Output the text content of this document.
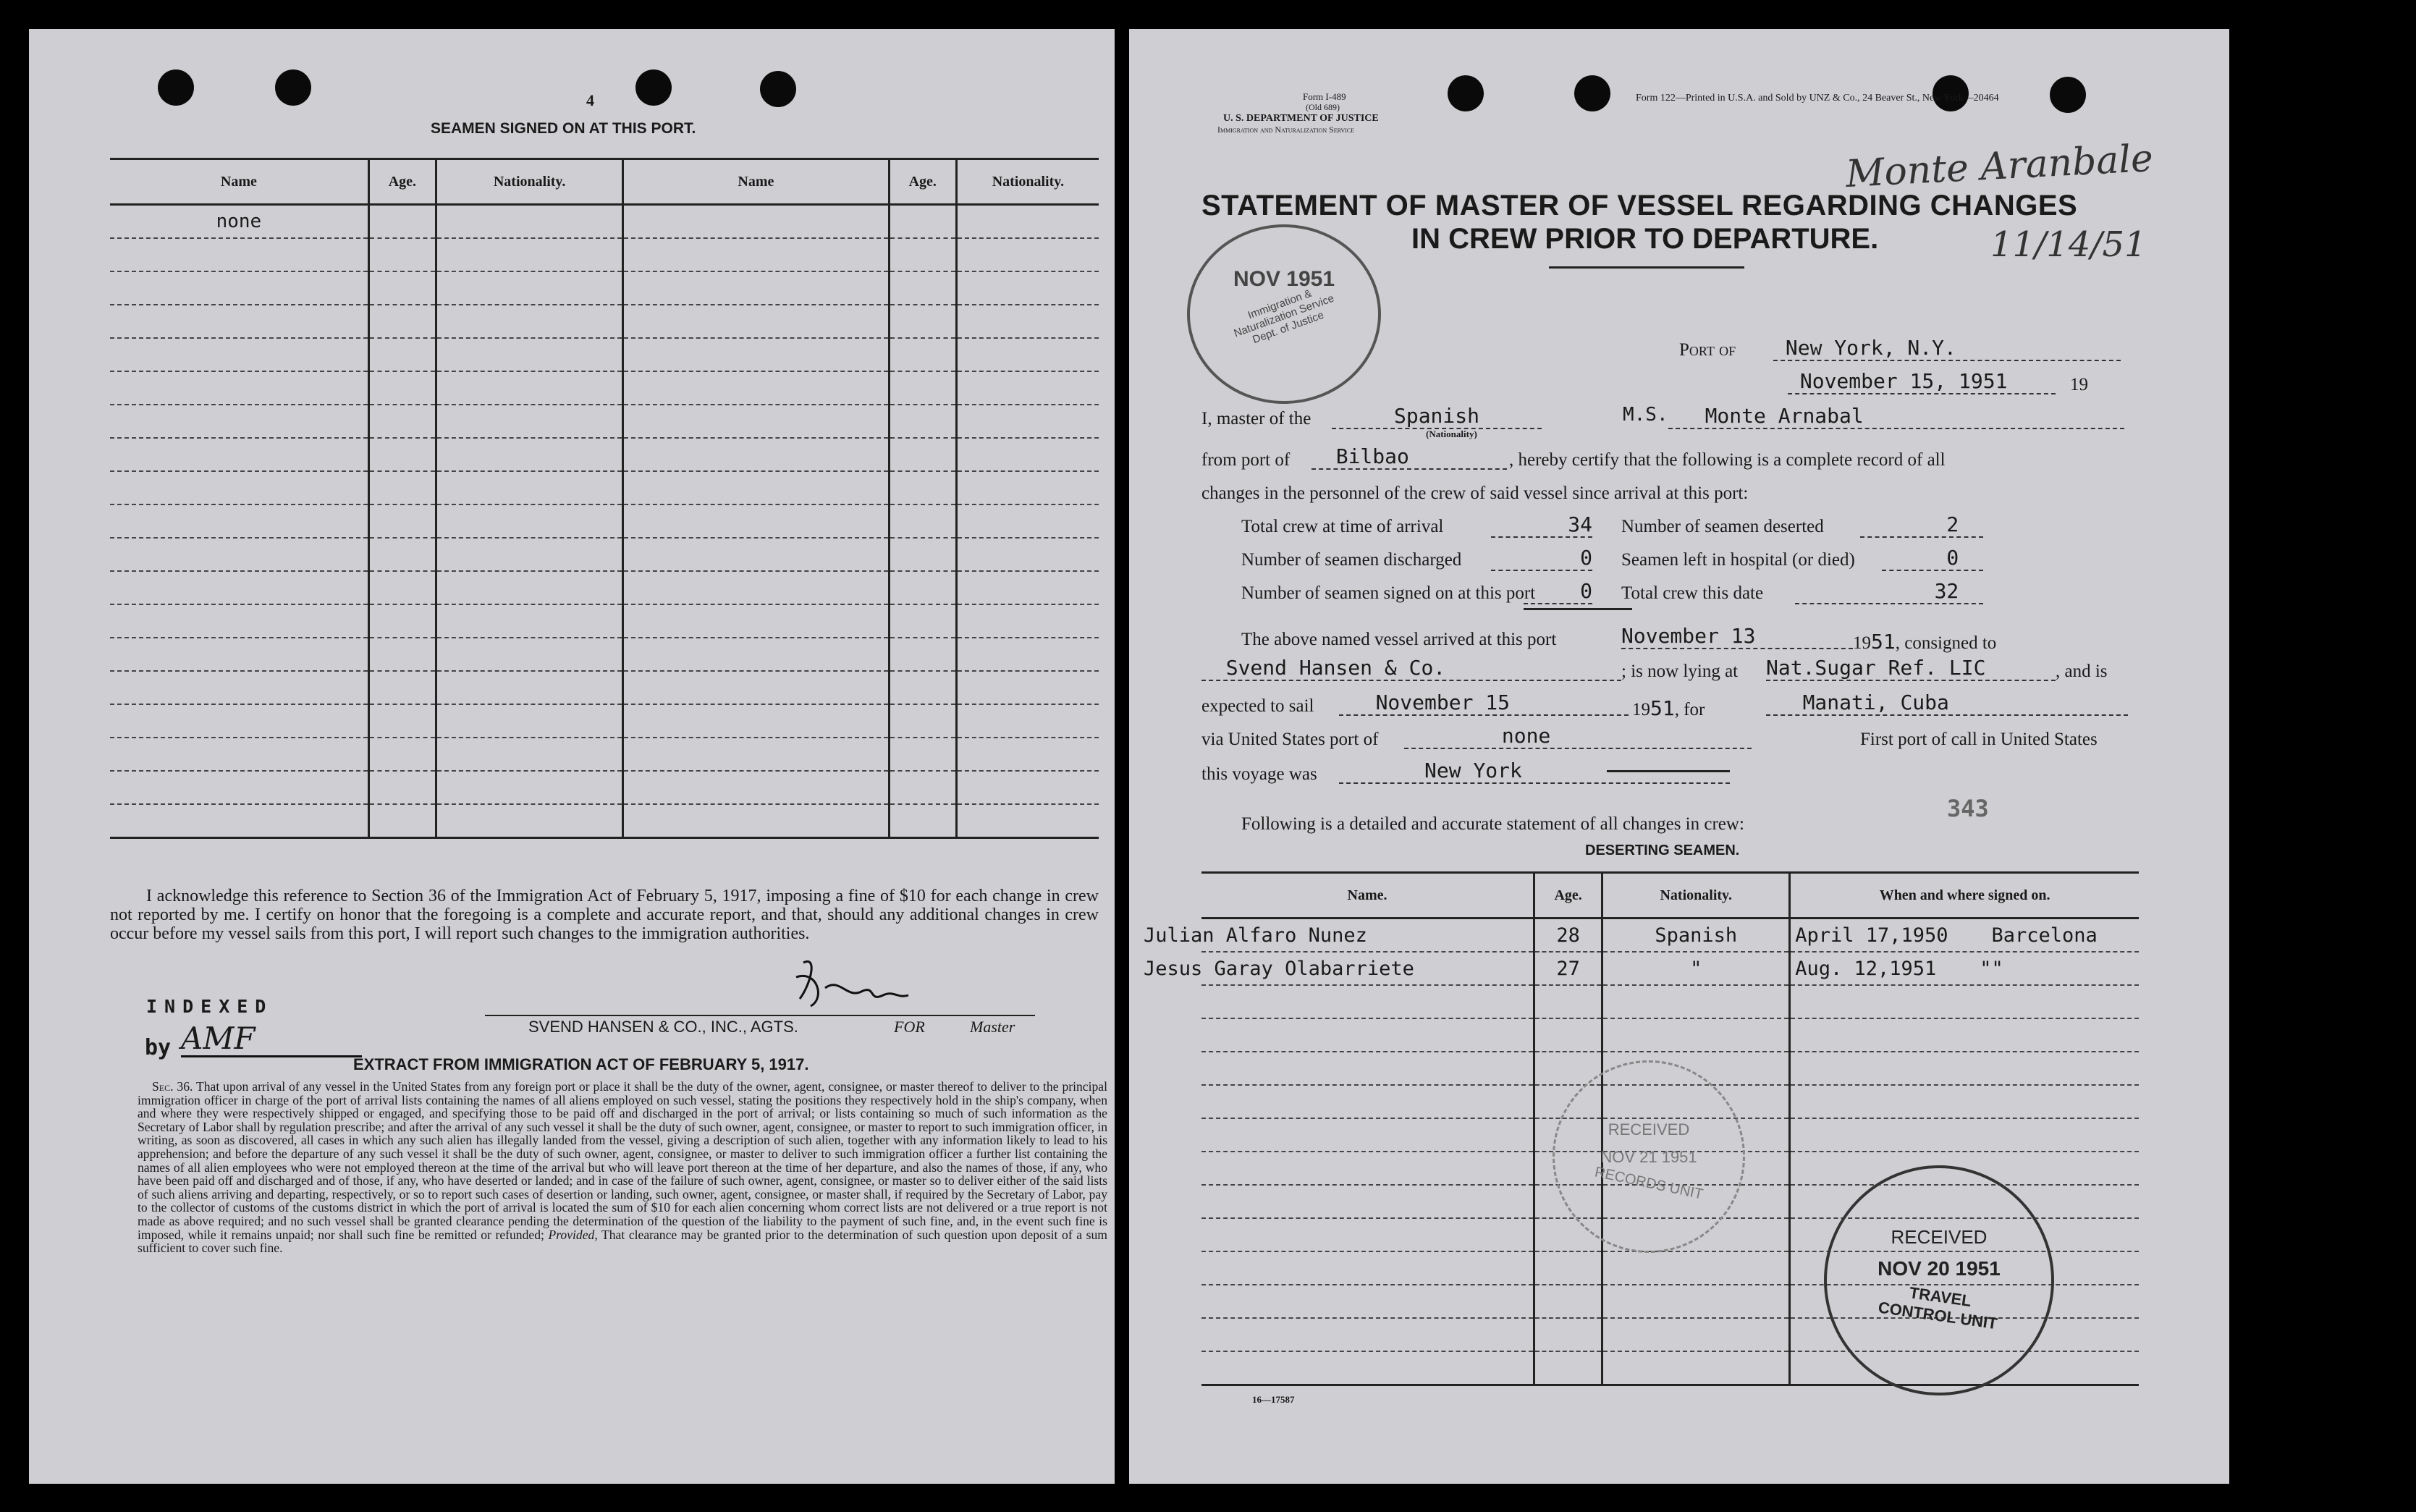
4
SEAMEN SIGNED ON AT THIS PORT.
Name	Age.	Nationality.	Name	Age.	Nationality.
none					

I acknowledge this reference to Section 36 of the Immigration Act of February 5, 1917, imposing a fine of $10 for each change in crew not reported by me. I certify on honor that the foregoing is a complete and accurate report, and that, should any additional changes in crew occur before my vessel sails from this port, I will report such changes to the immigration authorities.
INDEXED
SVEND HANSEN & CO., INC., AGTS.	FOR	Master
by AMF
EXTRACT FROM IMMIGRATION ACT OF FEBRUARY 5, 1917.
Sec. 36. That upon arrival of any vessel in the United States from any foreign port or place it shall be the duty of the owner, agent, consignee, or master thereof to deliver to the principal immigration officer in charge of the port of arrival lists containing the names of all aliens employed on such vessel, stating the positions they respectively hold in the ship's company, when and where they were respectively shipped or engaged, and specifying those to be paid off and discharged in the port of arrival; or lists containing so much of such information as the Secretary of Labor shall by regulation prescribe; and after the arrival of any such vessel it shall be the duty of such owner, agent, consignee, or master to report to such immigration officer, in writing, as soon as discovered, all cases in which any such alien has illegally landed from the vessel, giving a description of such alien, together with any information likely to lead to his apprehension; and before the departure of any such vessel it shall be the duty of such owner, agent, consignee, or master to deliver to such immigration officer a further list containing the names of all alien employees who were not employed thereon at the time of the arrival but who will leave port thereon at the time of her departure, and also the names of those, if any, who have been paid off and discharged and of those, if any, who have deserted or landed; and in case of the failure of such owner, agent, consignee, or master so to deliver either of the said lists of such aliens arriving and departing, respectively, or so to report such cases of desertion or landing, such owner, agent, consignee, or master shall, if required by the Secretary of Labor, pay to the collector of customs of the customs district in which the port of arrival is located the sum of $10 for each alien concerning whom correct lists are not delivered or a true report is not made as above required; and no such vessel shall be granted clearance pending the determination of the question of the liability to the payment of such fine, and, in the event such fine is imposed, while it remains unpaid; nor shall such fine be remitted or refunded; Provided, That clearance may be granted prior to the determination of such question upon deposit of a sum sufficient to cover such fine.
Form I-489
(Old 689)
U. S. DEPARTMENT OF JUSTICE
Immigration and Naturalization Service
Form 122—Printed in U.S.A. and Sold by UNZ & Co., 24 Beaver St., New York—20464
Monte Aranbale
11/14/51
STATEMENT OF MASTER OF VESSEL REGARDING CHANGES
IN CREW PRIOR TO DEPARTURE.
NOV 1951
Immigration & Naturalization Service Dept. of Justice
Port of	New York, N.Y.
November 15, 1951	19
I, master of the	Spanish
(Nationality)
M.S.	Monte Arnabal
from port of	Bilbao	, hereby certify that the following is a complete record of all
changes in the personnel of the crew of said vessel since arrival at this port:
Total crew at time of arrival	34 Number of seamen deserted	2
Number of seamen discharged	0 Seamen left in hospital (or died)	0
Number of seamen signed on at this port	0 Total crew this date	32
The above named vessel arrived at this port	November 13	1951, consigned to
Svend Hansen & Co.	; is now lying at Nat.Sugar Ref. LIC	, and is
expected to sail	November 15	1951, for	Manati, Cuba
via United States port of	none	First port of call in United States
this voyage was	New York
343
Following is a detailed and accurate statement of all changes in crew:
DESERTING SEAMEN.
Name.	Age.	Nationality.	When and where signed on.
Julian Alfaro Nunez	28	Spanish	April 17,1950 Barcelona
Jesus Garay Olabarriete	27	"	Aug. 12,1951 ""

16—17587
RECEIVED
NOV 21 1951
RECORDS UNIT
RECEIVED
NOV 20 1951
TRAVEL CONTROL UNIT
